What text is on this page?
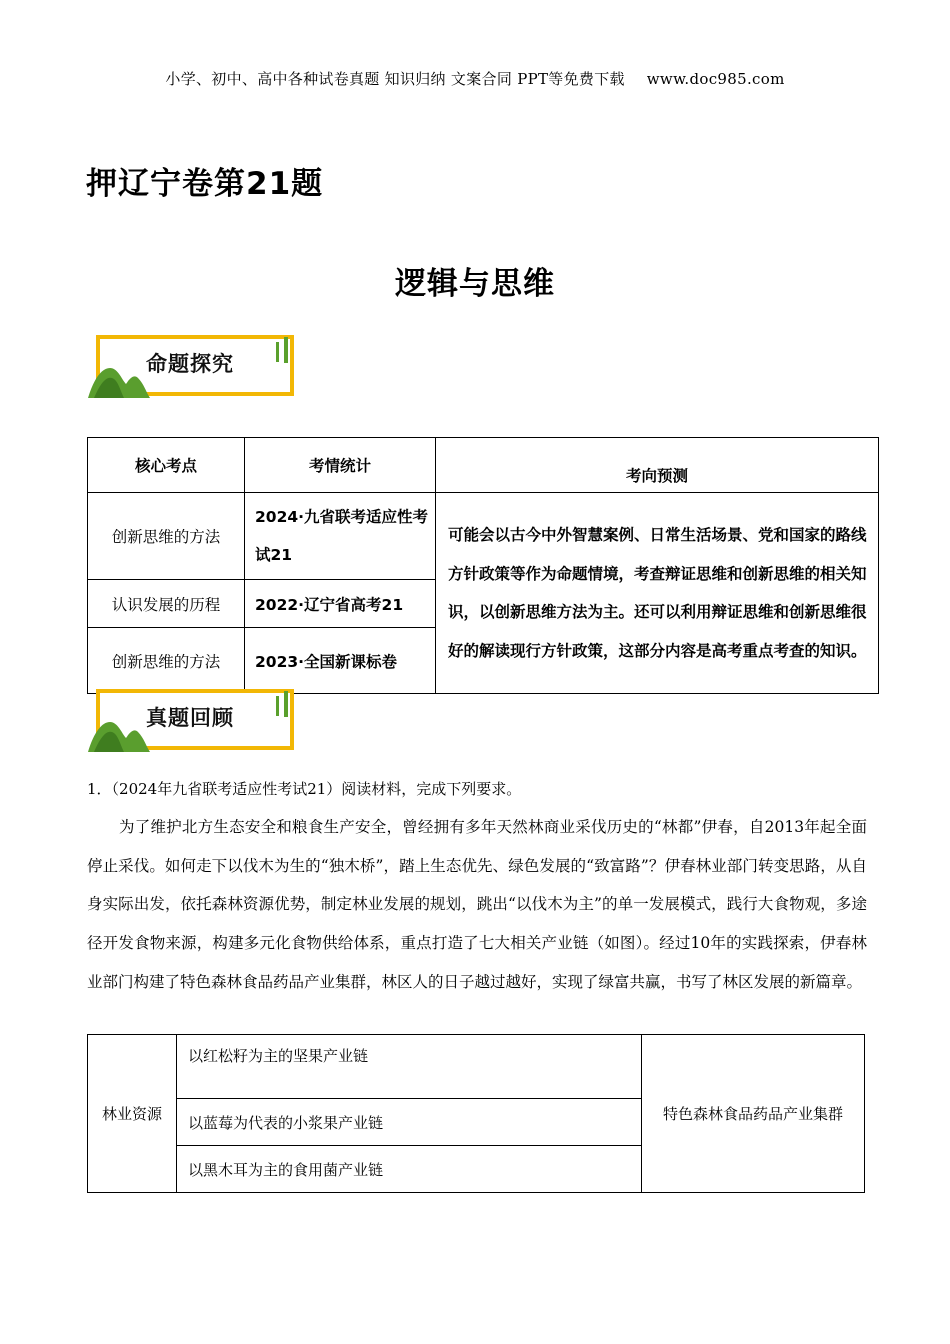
小学、初中、高中各种试卷真题 知识归纳 文案合同 PPT等免费下载 www.doc985.com
押辽宁卷第21题
逻辑与思维
命题探究
核心考点	考情统计	考向预测
创新思维的方法	2024·九省联考适应性考试21	可能会以古今中外智慧案例、日常生活场景、党和国家的路线方针政策等作为命题情境，考查辩证思维和创新思维的相关知识，以创新思维方法为主。还可以利用辩证思维和创新思维很好的解读现行方针政策，这部分内容是高考重点考查的知识。
认识发展的历程	2022·辽宁省高考21	
创新思维的方法	2023·全国新课标卷	
真题回顾
1．（2024年九省联考适应性考试21）阅读材料，完成下列要求。
为了维护北方生态安全和粮食生产安全，曾经拥有多年天然林商业采伐历史的“林都”伊春，自2013年起全面停止采伐。如何走下以伐木为生的“独木桥”，踏上生态优先、绿色发展的“致富路”？伊春林业部门转变思路，从自身实际出发，依托森林资源优势，制定林业发展的规划，跳出“以伐木为主”的单一发展模式，践行大食物观，多途径开发食物来源，构建多元化食物供给体系，重点打造了七大相关产业链（如图）。经过10年的实践探索，伊春林业部门构建了特色森林食品药品产业集群，林区人的日子越过越好，实现了绿富共赢，书写了林区发展的新篇章。
林业资源	以红松籽为主的坚果产业链	特色森林食品药品产业集群
以蓝莓为代表的小浆果产业链
以黑木耳为主的食用菌产业链
